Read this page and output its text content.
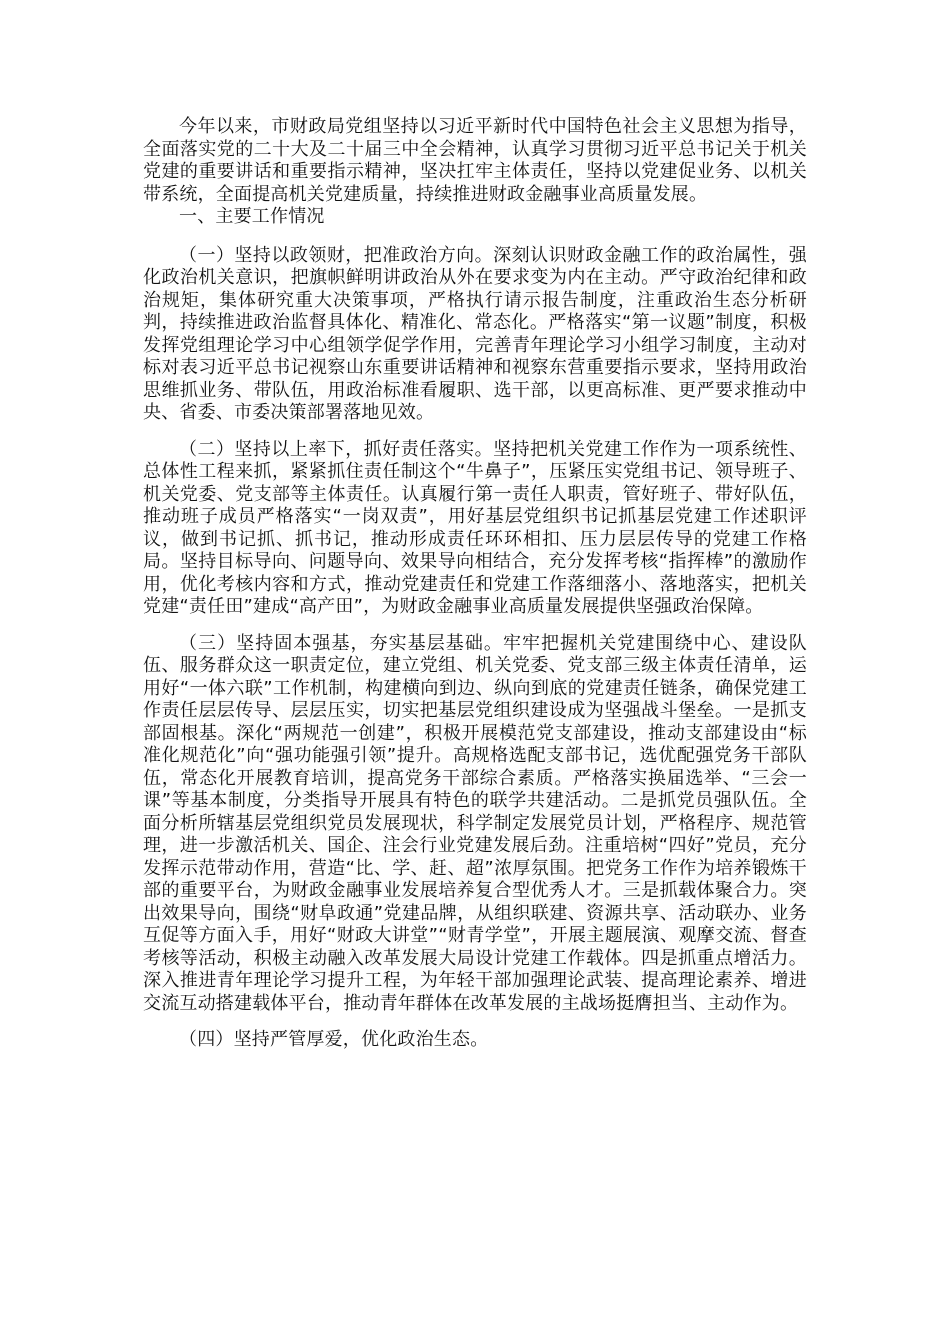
今年以来，市财政局党组坚持以习近平新时代中国特色社会主义思想为指导，全面落实党的二十大及二十届三中全会精神，认真学习贯彻习近平总书记关于机关党建的重要讲话和重要指示精神，坚决扛牢主体责任，坚持以党建促业务、以机关带系统，全面提高机关党建质量，持续推进财政金融事业高质量发展。

一、主要工作情况

（一）坚持以政领财，把准政治方向。深刻认识财政金融工作的政治属性，强化政治机关意识，把旗帜鲜明讲政治从外在要求变为内在主动。严守政治纪律和政治规矩，集体研究重大决策事项，严格执行请示报告制度，注重政治生态分析研判，持续推进政治监督具体化、精准化、常态化。严格落实“第一议题”制度，积极发挥党组理论学习中心组领学促学作用，完善青年理论学习小组学习制度，主动对标对表习近平总书记视察山东重要讲话精神和视察东营重要指示要求，坚持用政治思维抓业务、带队伍，用政治标准看履职、选干部，以更高标准、更严要求推动中央、省委、市委决策部署落地见效。

（二）坚持以上率下，抓好责任落实。坚持把机关党建工作作为一项系统性、总体性工程来抓，紧紧抓住责任制这个“牛鼻子”，压紧压实党组书记、领导班子、机关党委、党支部等主体责任。认真履行第一责任人职责，管好班子、带好队伍，推动班子成员严格落实“一岗双责”，用好基层党组织书记抓基层党建工作述职评议，做到书记抓、抓书记，推动形成责任环环相扣、压力层层传导的党建工作格局。坚持目标导向、问题导向、效果导向相结合，充分发挥考核“指挥棒”的激励作用，优化考核内容和方式，推动党建责任和党建工作落细落小、落地落实，把机关党建“责任田”建成“高产田”，为财政金融事业高质量发展提供坚强政治保障。

（三）坚持固本强基，夯实基层基础。牢牢把握机关党建围绕中心、建设队伍、服务群众这一职责定位，建立党组、机关党委、党支部三级主体责任清单，运用好“一体六联”工作机制，构建横向到边、纵向到底的党建责任链条，确保党建工作责任层层传导、层层压实，切实把基层党组织建设成为坚强战斗堡垒。一是抓支部固根基。深化“两规范一创建”，积极开展模范党支部建设，推动支部建设由“标准化规范化”向“强功能强引领”提升。高规格选配支部书记，选优配强党务干部队伍，常态化开展教育培训，提高党务干部综合素质。严格落实换届选举、“三会一课”等基本制度，分类指导开展具有特色的联学共建活动。二是抓党员强队伍。全面分析所辖基层党组织党员发展现状，科学制定发展党员计划，严格程序、规范管理，进一步激活机关、国企、注会行业党建发展后劲。注重培树“四好”党员，充分发挥示范带动作用，营造“比、学、赶、超”浓厚氛围。把党务工作作为培养锻炼干部的重要平台，为财政金融事业发展培养复合型优秀人才。三是抓载体聚合力。突出效果导向，围绕“财阜政通”党建品牌，从组织联建、资源共享、活动联办、业务互促等方面入手，用好“财政大讲堂”“财青学堂”，开展主题展演、观摩交流、督查考核等活动，积极主动融入改革发展大局设计党建工作载体。四是抓重点增活力。深入推进青年理论学习提升工程，为年轻干部加强理论武装、提高理论素养、增进交流互动搭建载体平台，推动青年群体在改革发展的主战场挺膺担当、主动作为。

（四）坚持严管厚爱，优化政治生态。
